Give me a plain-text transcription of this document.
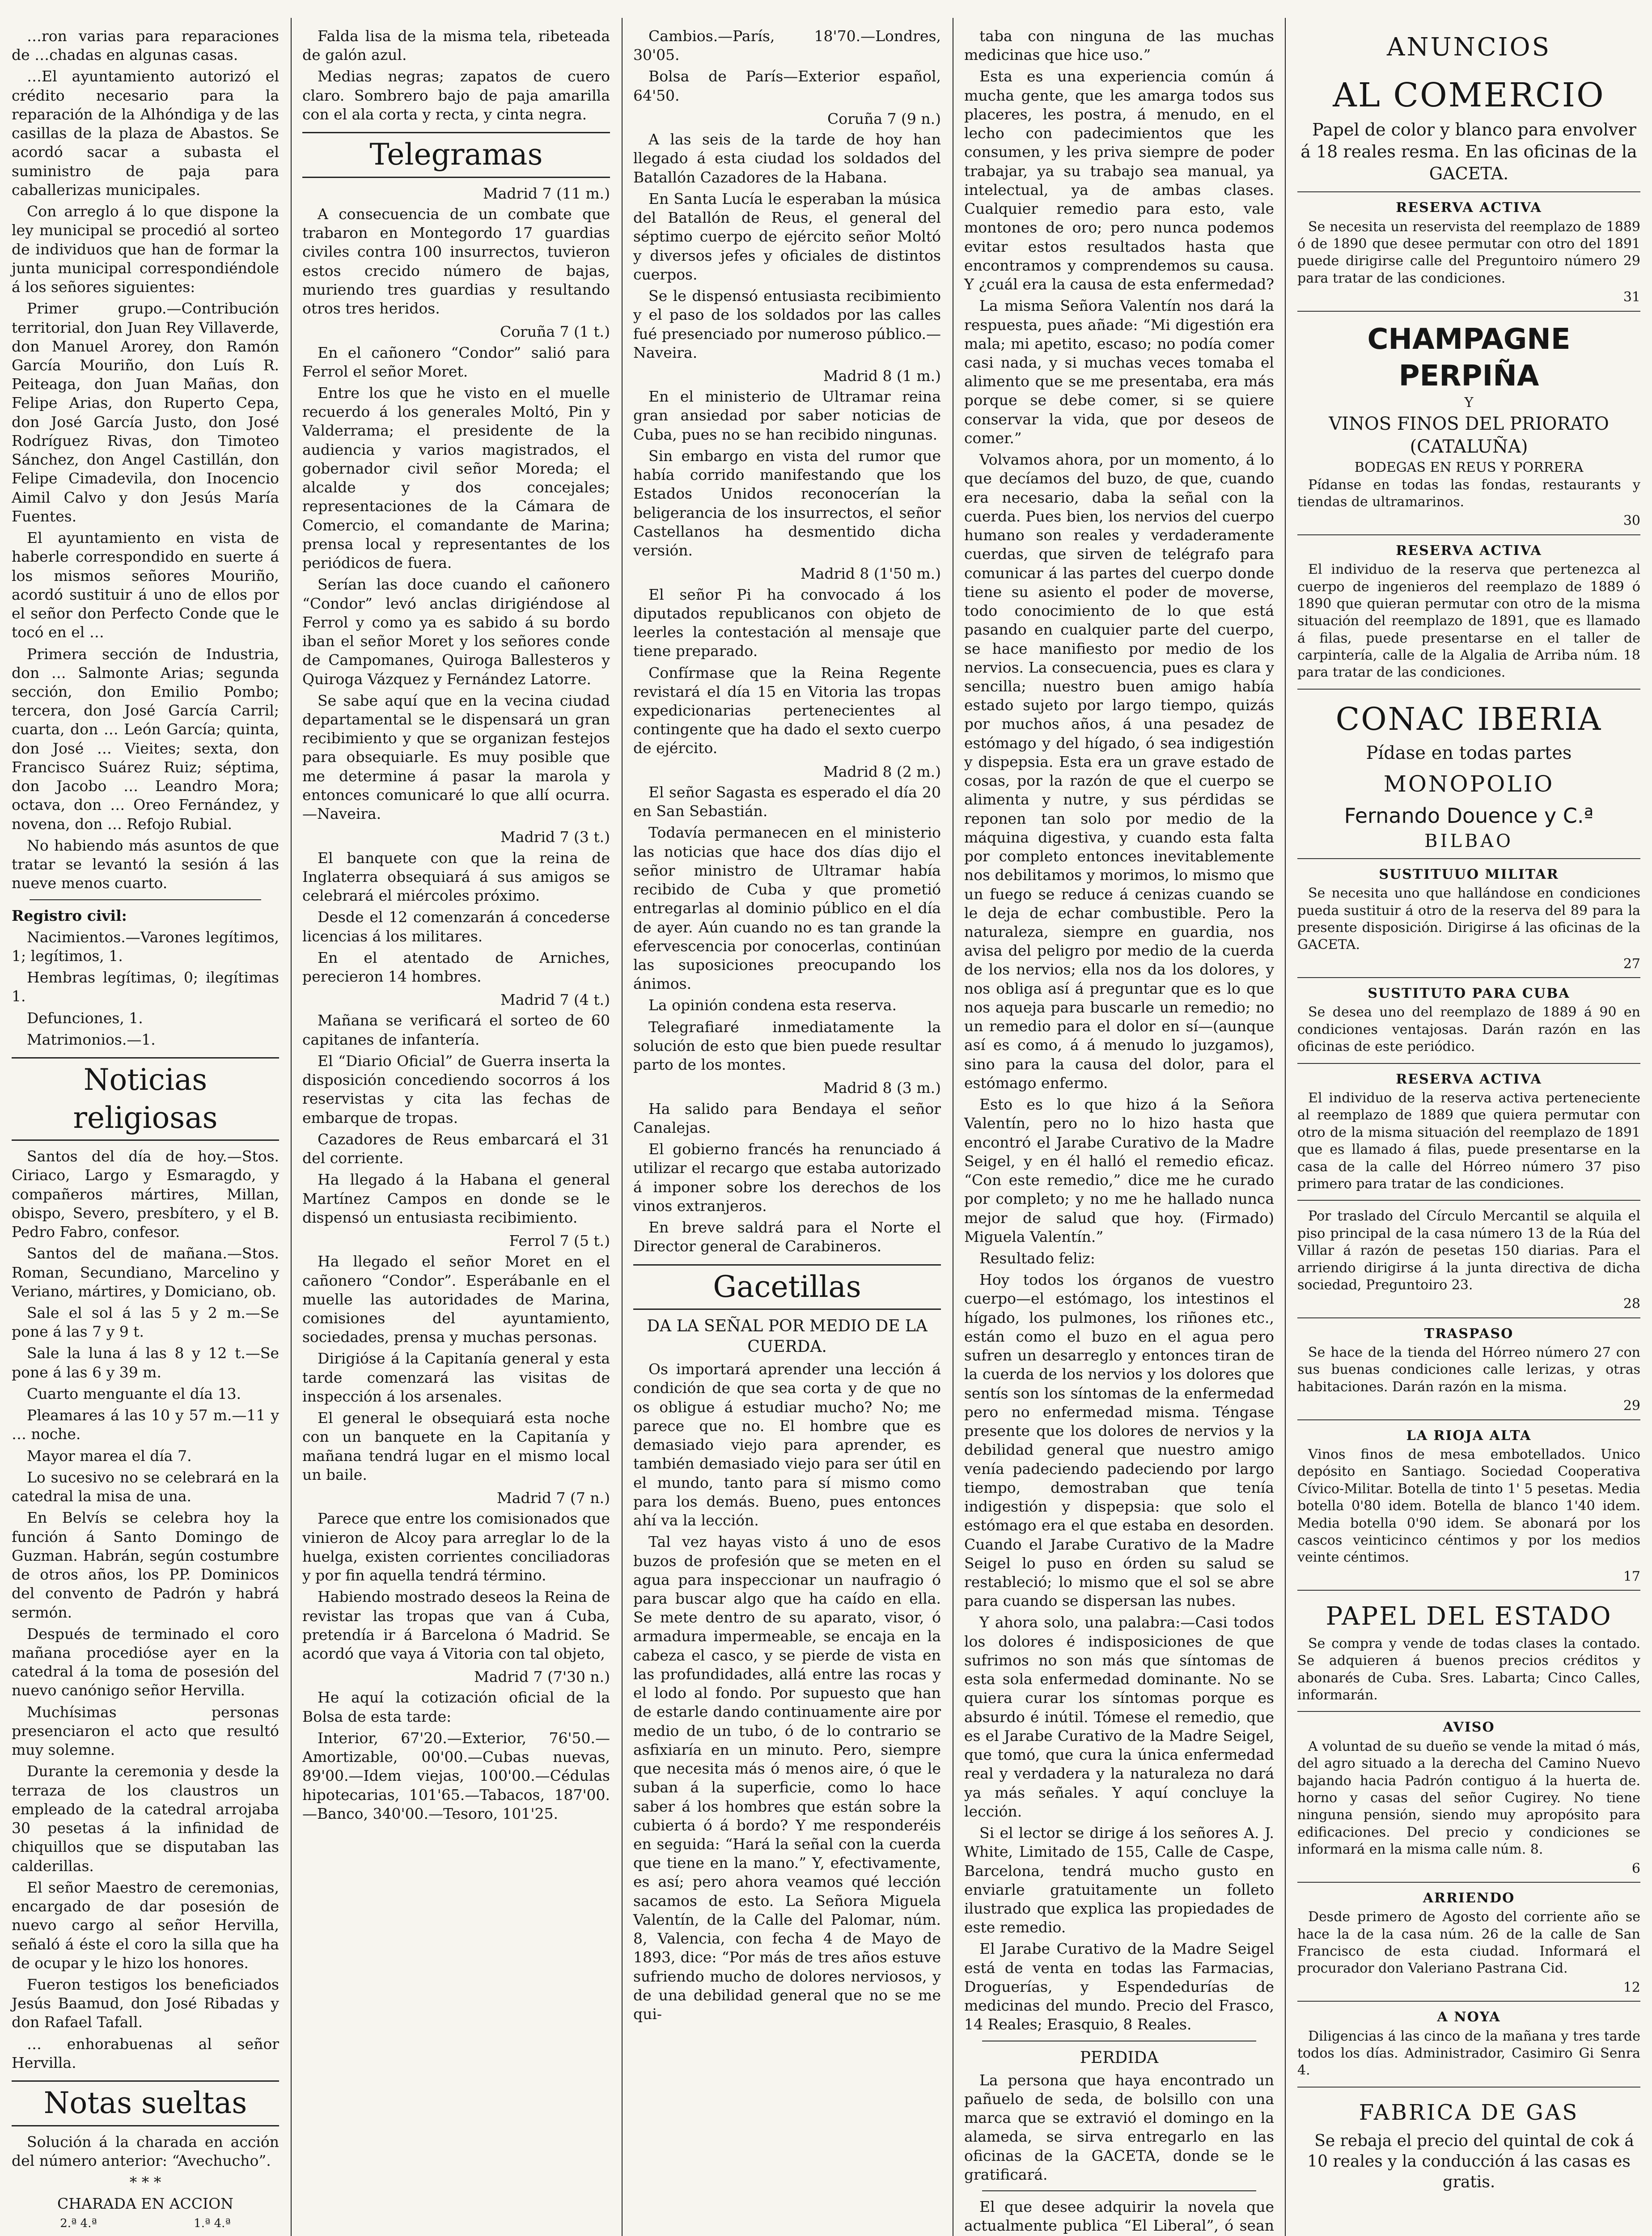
…ron varias para reparaciones de …chadas en algunas casas.

…El ayuntamiento autorizó el crédito necesario para la reparación de la Alhóndiga y de las casillas de la plaza de Abastos. Se acordó sacar a subasta el suministro de paja para caballerizas municipales.

Con arreglo á lo que dispone la ley municipal se procedió al sorteo de individuos que han de formar la junta municipal correspondiéndole á los señores siguientes:

Primer grupo.—Contribución territorial, don Juan Rey Villaverde, don Manuel Arorey, don Ramón García Mouriño, don Luís R. Peiteaga, don Juan Mañas, don Felipe Arias, don Ruperto Cepa, don José García Justo, don José Rodríguez Rivas, don Timoteo Sánchez, don Angel Castillán, don Felipe Cimadevila, don Inocencio Aimil Calvo y don Jesús María Fuentes.

El ayuntamiento en vista de haberle correspondido en suerte á los mismos señores Mouriño, acordó sustituir á uno de ellos por el señor don Perfecto Conde que le tocó en el …

Primera sección de Industria, don … Salmonte Arias; segunda sección, don Emilio Pombo; tercera, don José García Carril; cuarta, don … León García; quinta, don José … Vieites; sexta, don Francisco Suárez Ruiz; séptima, don Jacobo … Leandro Mora; octava, don … Oreo Fernández, y novena, don … Refojo Rubial.

No habiendo más asuntos de que tratar se levantó la sesión á las nueve menos cuarto.

Registro civil:

Nacimientos.—Varones legítimos, 1; legítimos, 1.

Hembras legítimas, 0; ilegítimas 1.

Defunciones, 1.

Matrimonios.—1.

Noticias religiosas

Santos del día de hoy.—Stos. Ciriaco, Largo y Esmaragdo, y compañeros mártires, Millan, obispo, Severo, presbítero, y el B. Pedro Fabro, confesor.

Santos del de mañana.—Stos. Roman, Secundiano, Marcelino y Veriano, mártires, y Domiciano, ob.

Sale el sol á las 5 y 2 m.—Se pone á las 7 y 9 t.

Sale la luna á las 8 y 12 t.—Se pone á las 6 y 39 m.

Cuarto menguante el día 13.

Pleamares á las 10 y 57 m.—11 y … noche.

Mayor marea el día 7.

Lo sucesivo no se celebrará en la catedral la misa de una.

En Belvís se celebra hoy la función á Santo Domingo de Guzman. Habrán, según costumbre de otros años, los PP. Dominicos del convento de Padrón y habrá sermón.

Después de terminado el coro mañana procedióse ayer en la catedral á la toma de posesión del nuevo canónigo señor Hervilla.

Muchísimas personas presenciaron el acto que resultó muy solemne.

Durante la ceremonia y desde la terraza de los claustros un empleado de la catedral arrojaba 30 pesetas á la infinidad de chiquillos que se disputaban las calderillas.

El señor Maestro de ceremonias, encargado de dar posesión de nuevo cargo al señor Hervilla, señaló á éste el coro la silla que ha de ocupar y le hizo los honores.

Fueron testigos los beneficiados Jesús Baamud, don José Ribadas y don Rafael Tafall.

… enhorabuenas al señor Hervilla.

Notas sueltas

Solución á la charada en acción del número anterior: “Avechucho”.

* * *

CHARADA EN ACCION

2.ª 4.ª	1.ª 4.ª

Falda lisa de la misma tela, ribeteada de galón azul.

Medias negras; zapatos de cuero claro. Sombrero bajo de paja amarilla con el ala corta y recta, y cinta negra.

Telegramas
Madrid 7 (11 m.)

A consecuencia de un combate que trabaron en Montegordo 17 guardias civiles contra 100 insurrectos, tuvieron estos crecido número de bajas, muriendo tres guardias y resultando otros tres heridos.

Coruña 7 (1 t.)

En el cañonero “Condor” salió para Ferrol el señor Moret.

Entre los que he visto en el muelle recuerdo á los generales Moltó, Pin y Valderrama; el presidente de la audiencia y varios magistrados, el gobernador civil señor Moreda; el alcalde y dos concejales; representaciones de la Cámara de Comercio, el comandante de Marina; prensa local y representantes de los periódicos de fuera.

Serían las doce cuando el cañonero “Condor” levó anclas dirigiéndose al Ferrol y como ya es sabido á su bordo iban el señor Moret y los señores conde de Campomanes, Quiroga Ballesteros y Quiroga Vázquez y Fernández Latorre.

Se sabe aquí que en la vecina ciudad departamental se le dispensará un gran recibimiento y que se organizan festejos para obsequiarle. Es muy posible que me determine á pasar la marola y entonces comunicaré lo que allí ocurra.—Naveira.

Madrid 7 (3 t.)

El banquete con que la reina de Inglaterra obsequiará á sus amigos se celebrará el miércoles próximo.

Desde el 12 comenzarán á concederse licencias á los militares.

En el atentado de Arniches, perecieron 14 hombres.

Madrid 7 (4 t.)

Mañana se verificará el sorteo de 60 capitanes de infantería.

El “Diario Oficial” de Guerra inserta la disposición concediendo socorros á los reservistas y cita las fechas de embarque de tropas.

Cazadores de Reus embarcará el 31 del corriente.

Ha llegado á la Habana el general Martínez Campos en donde se le dispensó un entusiasta recibimiento.

Ferrol 7 (5 t.)

Ha llegado el señor Moret en el cañonero “Condor”. Esperábanle en el muelle las autoridades de Marina, comisiones del ayuntamiento, sociedades, prensa y muchas personas.

Dirigióse á la Capitanía general y esta tarde comenzará las visitas de inspección á los arsenales.

El general le obsequiará esta noche con un banquete en la Capitanía y mañana tendrá lugar en el mismo local un baile.

Madrid 7 (7 n.)

Parece que entre los comisionados que vinieron de Alcoy para arreglar lo de la huelga, existen corrientes conciliadoras y por fin aquella tendrá término.

Habiendo mostrado deseos la Reina de revistar las tropas que van á Cuba, pretendía ir á Barcelona ó Madrid. Se acordó que vaya á Vitoria con tal objeto,

Madrid 7 (7'30 n.)

He aquí la cotización oficial de la Bolsa de esta tarde:

Interior, 67'20.—Exterior, 76'50.—Amortizable, 00'00.—Cubas nuevas, 89'00.—Idem viejas, 100'00.—Cédulas hipotecarias, 101'65.—Tabacos, 187'00.—Banco, 340'00.—Tesoro, 101'25.

Cambios.—París, 18'70.—Londres, 30'05.

Bolsa de París—Exterior español, 64'50.

Coruña 7 (9 n.)

A las seis de la tarde de hoy han llegado á esta ciudad los soldados del Batallón Cazadores de la Habana.

En Santa Lucía le esperaban la música del Batallón de Reus, el general del séptimo cuerpo de ejército señor Moltó y diversos jefes y oficiales de distintos cuerpos.

Se le dispensó entusiasta recibimiento y el paso de los soldados por las calles fué presenciado por numeroso público.—Naveira.

Madrid 8 (1 m.)

En el ministerio de Ultramar reina gran ansiedad por saber noticias de Cuba, pues no se han recibido ningunas.

Sin embargo en vista del rumor que había corrido manifestando que los Estados Unidos reconocerían la beligerancia de los insurrectos, el señor Castellanos ha desmentido dicha versión.

Madrid 8 (1'50 m.)

El señor Pi ha convocado á los diputados republicanos con objeto de leerles la contestación al mensaje que tiene preparado.

Confírmase que la Reina Regente revistará el día 15 en Vitoria las tropas expedicionarias pertenecientes al contingente que ha dado el sexto cuerpo de ejército.

Madrid 8 (2 m.)

El señor Sagasta es esperado el día 20 en San Sebastián.

Todavía permanecen en el ministerio las noticias que hace dos días dijo el señor ministro de Ultramar había recibido de Cuba y que prometió entregarlas al dominio público en el día de ayer. Aún cuando no es tan grande la efervescencia por conocerlas, continúan las suposiciones preocupando los ánimos.

La opinión condena esta reserva.

Telegrafiaré inmediatamente la solución de esto que bien puede resultar parto de los montes.

Madrid 8 (3 m.)

Ha salido para Bendaya el señor Canalejas.

El gobierno francés ha renunciado á utilizar el recargo que estaba autorizado á imponer sobre los derechos de los vinos extranjeros.

En breve saldrá para el Norte el Director general de Carabineros.

Gacetillas
DA LA SEÑAL POR MEDIO DE LA CUERDA.

Os importará aprender una lección á condición de que sea corta y de que no os obligue á estudiar mucho? No; me parece que no. El hombre que es demasiado viejo para aprender, es también demasiado viejo para ser útil en el mundo, tanto para sí mismo como para los demás. Bueno, pues entonces ahí va la lección.

Tal vez hayas visto á uno de esos buzos de profesión que se meten en el agua para inspeccionar un naufragio ó para buscar algo que ha caído en ella. Se mete dentro de su aparato, visor, ó armadura impermeable, se encaja en la cabeza el casco, y se pierde de vista en las profundidades, allá entre las rocas y el lodo al fondo. Por supuesto que han de estarle dando continuamente aire por medio de un tubo, ó de lo contrario se asfixiaría en un minuto. Pero, siempre que necesita más ó menos aire, ó que le suban á la superficie, como lo hace saber á los hombres que están sobre la cubierta ó á bordo? Y me responderéis en seguida: “Hará la señal con la cuerda que tiene en la mano.” Y, efectivamente, es así; pero ahora veamos qué lección sacamos de esto. La Señora Miguela Valentín, de la Calle del Palomar, núm. 8, Valencia, con fecha 4 de Mayo de 1893, dice: “Por más de tres años estuve sufriendo mucho de dolores nerviosos, y de una debilidad general que no se me qui-

taba con ninguna de las muchas medicinas que hice uso.”

Esta es una experiencia común á mucha gente, que les amarga todos sus placeres, les postra, á menudo, en el lecho con padecimientos que les consumen, y les priva siempre de poder trabajar, ya su trabajo sea manual, ya intelectual, ya de ambas clases. Cualquier remedio para esto, vale montones de oro; pero nunca podemos evitar estos resultados hasta que encontramos y comprendemos su causa. Y ¿cuál era la causa de esta enfermedad?

La misma Señora Valentín nos dará la respuesta, pues añade: “Mi digestión era mala; mi apetito, escaso; no podía comer casi nada, y si muchas veces tomaba el alimento que se me presentaba, era más porque se debe comer, si se quiere conservar la vida, que por deseos de comer.”

Volvamos ahora, por un momento, á lo que decíamos del buzo, de que, cuando era necesario, daba la señal con la cuerda. Pues bien, los nervios del cuerpo humano son reales y verdaderamente cuerdas, que sirven de telégrafo para comunicar á las partes del cuerpo donde tiene su asiento el poder de moverse, todo conocimiento de lo que está pasando en cualquier parte del cuerpo, se hace manifiesto por medio de los nervios. La consecuencia, pues es clara y sencilla; nuestro buen amigo había estado sujeto por largo tiempo, quizás por muchos años, á una pesadez de estómago y del hígado, ó sea indigestión y dispepsia. Esta era un grave estado de cosas, por la razón de que el cuerpo se alimenta y nutre, y sus pérdidas se reponen tan solo por medio de la máquina digestiva, y cuando esta falta por completo entonces inevitablemente nos debilitamos y morimos, lo mismo que un fuego se reduce á cenizas cuando se le deja de echar combustible. Pero la naturaleza, siempre en guardia, nos avisa del peligro por medio de la cuerda de los nervios; ella nos da los dolores, y nos obliga así á preguntar que es lo que nos aqueja para buscarle un remedio; no un remedio para el dolor en sí—(aunque así es como, á á menudo lo juzgamos), sino para la causa del dolor, para el estómago enfermo.

Esto es lo que hizo á la Señora Valentín, pero no lo hizo hasta que encontró el Jarabe Curativo de la Madre Seigel, y en él halló el remedio eficaz. “Con este remedio,” dice me he curado por completo; y no me he hallado nunca mejor de salud que hoy. (Firmado) Miguela Valentín.”

Resultado feliz:

Hoy todos los órganos de vuestro cuerpo—el estómago, los intestinos el hígado, los pulmones, los riñones etc., están como el buzo en el agua pero sufren un desarreglo y entonces tiran de la cuerda de los nervios y los dolores que sentís son los síntomas de la enfermedad pero no enfermedad misma. Téngase presente que los dolores de nervios y la debilidad general que nuestro amigo venía padeciendo padeciendo por largo tiempo, demostraban que tenía indigestión y dispepsia: que solo el estómago era el que estaba en desorden. Cuando el Jarabe Curativo de la Madre Seigel lo puso en órden su salud se restableció; lo mismo que el sol se abre para cuando se dispersan las nubes.

Y ahora solo, una palabra:—Casi todos los dolores é indisposiciones de que sufrimos no son más que síntomas de esta sola enfermedad dominante. No se quiera curar los síntomas porque es absurdo é inútil. Tómese el remedio, que es el Jarabe Curativo de la Madre Seigel, que tomó, que cura la única enfermedad real y verdadera y la naturaleza no dará ya más señales. Y aquí concluye la lección.

Si el lector se dirige á los señores A. J. White, Limitado de 155, Calle de Caspe, Barcelona, tendrá mucho gusto en enviarle gratuitamente un folleto ilustrado que explica las propiedades de este remedio.

El Jarabe Curativo de la Madre Seigel está de venta en todas las Farmacias, Droguerías, y Espendedurías de medicinas del mundo. Precio del Frasco, 14 Reales; Erasquio, 8 Reales.

PERDIDA

La persona que haya encontrado un pañuelo de seda, de bolsillo con una marca que se extravió el domingo en la alameda, se sirva entregarlo en las oficinas de la GACETA, donde se le gratificará.

El que desee adquirir la novela que actualmente publica “El Liberal”, ó sean

ANUNCIOS
AL COMERCIO

Papel de color y blanco para envolver á 18 reales resma. En las oficinas de la GACETA.

RESERVA ACTIVA

Se necesita un reservista del reemplazo de 1889 ó de 1890 que desee permutar con otro del 1891 puede dirigirse calle del Preguntoiro número 29 para tratar de las condiciones.

31
CHAMPAGNE PERPIÑA
Y
VINOS FINOS DEL PRIORATO (CATALUÑA)
BODEGAS EN REUS Y PORRERA

Pídanse en todas las fondas, restaurants y tiendas de ultramarinos.

30
RESERVA ACTIVA

El individuo de la reserva que pertenezca al cuerpo de ingenieros del reemplazo de 1889 ó 1890 que quieran permutar con otro de la misma situación del reemplazo de 1891, que es llamado á filas, puede presentarse en el taller de carpintería, calle de la Algalia de Arriba núm. 18 para tratar de las condiciones.

CONAC IBERIA
Pídase en todas partes
MONOPOLIO
Fernando Douence y C.ª
BILBAO
SUSTITUUO MILITAR

Se necesita uno que hallándose en condiciones pueda sustituir á otro de la reserva del 89 para la presente disposición. Dirigirse á las oficinas de la GACETA.

27
SUSTITUTO PARA CUBA

Se desea uno del reemplazo de 1889 á 90 en condiciones ventajosas. Darán razón en las oficinas de este periódico.

RESERVA ACTIVA

El individuo de la reserva activa perteneciente al reemplazo de 1889 que quiera permutar con otro de la misma situación del reemplazo de 1891 que es llamado á filas, puede presentarse en la casa de la calle del Hórreo número 37 piso primero para tratar de las condiciones.

Por traslado del Círculo Mercantil se alquila el piso principal de la casa número 13 de la Rúa del Villar á razón de pesetas 150 diarias. Para el arriendo dirigirse á la junta directiva de dicha sociedad, Preguntoiro 23.

28
TRASPASO

Se hace de la tienda del Hórreo número 27 con sus buenas condiciones calle lerizas, y otras habitaciones. Darán razón en la misma.

29
LA RIOJA ALTA

Vinos finos de mesa embotellados. Unico depósito en Santiago. Sociedad Cooperativa Cívico-Militar. Botella de tinto 1' 5 pesetas. Media botella 0'80 idem. Botella de blanco 1'40 idem. Media botella 0'90 idem. Se abonará por los cascos veinticinco céntimos y por los medios veinte céntimos.

17
PAPEL DEL ESTADO

Se compra y vende de todas clases la contado. Se adquieren á buenos precios créditos y abonarés de Cuba. Sres. Labarta; Cinco Calles, informarán.

AVISO

A voluntad de su dueño se vende la mitad ó más, del agro situado a la derecha del Camino Nuevo bajando hacia Padrón contiguo á la huerta de. horno y casas del señor Cugirey. No tiene ninguna pensión, siendo muy apropósito para edificaciones. Del precio y condiciones se informará en la misma calle núm. 8.

6
ARRIENDO

Desde primero de Agosto del corriente año se hace la de la casa núm. 26 de la calle de San Francisco de esta ciudad. Informará el procurador don Valeriano Pastrana Cid.

12
A NOYA

Diligencias á las cinco de la mañana y tres tarde todos los días. Administrador, Casimiro Gi Senra 4.

FABRICA DE GAS

Se rebaja el precio del quintal de cok á 10 reales y la conducción á las casas es gratis.
